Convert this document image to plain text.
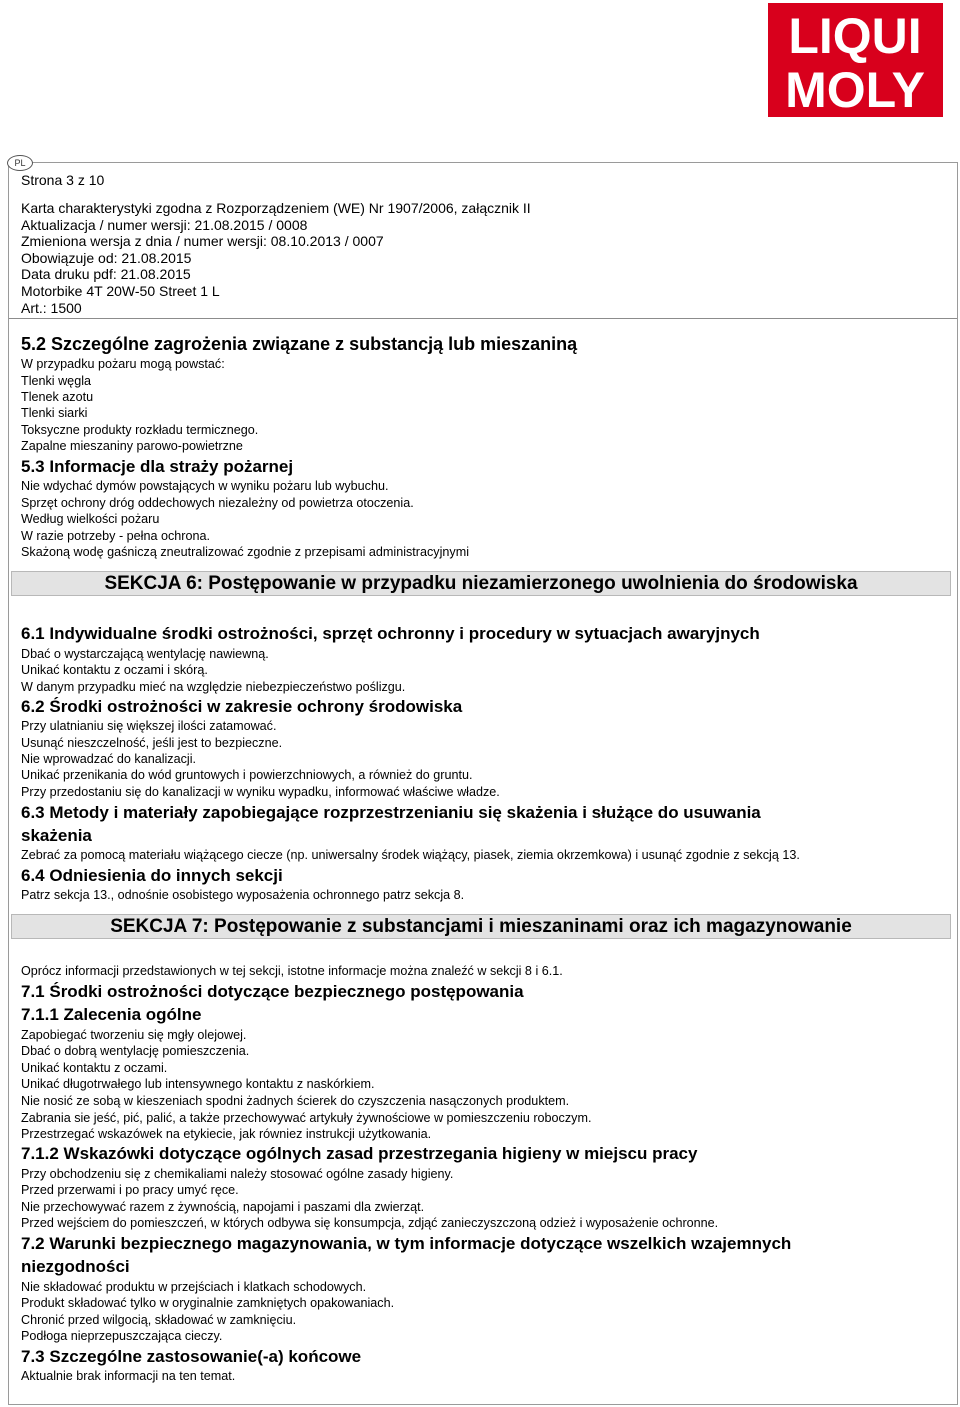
LIQUI
MOLY
PL
Strona 3 z 10
Karta charakterystyki zgodna z Rozporządzeniem (WE) Nr 1907/2006, załącznik II
Aktualizacja / numer wersji: 21.08.2015 / 0008
Zmieniona wersja z dnia / numer wersji: 08.10.2013 / 0007
Obowiązuje od: 21.08.2015
Data druku pdf: 21.08.2015
Motorbike 4T 20W-50 Street 1 L
Art.: 1500
5.2 Szczególne zagrożenia związane z substancją lub mieszaniną
W przypadku pożaru mogą powstać:
Tlenki węgla
Tlenek azotu
Tlenki siarki
Toksyczne produkty rozkładu termicznego.
Zapalne mieszaniny parowo-powietrzne
5.3 Informacje dla straży pożarnej
Nie wdychać dymów powstających w wyniku pożaru lub wybuchu.
Sprzęt ochrony dróg oddechowych niezależny od powietrza otoczenia.
Według wielkości pożaru
W razie potrzeby - pełna ochrona.
Skażoną wodę gaśniczą zneutralizować zgodnie z przepisami administracyjnymi
SEKCJA 6: Postępowanie w przypadku niezamierzonego uwolnienia do środowiska
6.1 Indywidualne środki ostrożności, sprzęt ochronny i procedury w sytuacjach awaryjnych
Dbać o wystarczającą wentylację nawiewną.
Unikać kontaktu z oczami i skórą.
W danym przypadku mieć na względzie niebezpieczeństwo poślizgu.
6.2 Środki ostrożności w zakresie ochrony środowiska
Przy ulatnianiu się większej ilości zatamować.
Usunąć nieszczelność, jeśli jest to bezpieczne.
Nie wprowadzać do kanalizacji.
Unikać przenikania do wód gruntowych i powierzchniowych, a również do gruntu.
Przy przedostaniu się do kanalizacji w wyniku wypadku, informować właściwe władze.
6.3 Metody i materiały zapobiegające rozprzestrzenianiu się skażenia i służące do usuwania
skażenia
Zebrać za pomocą materiału wiążącego ciecze (np. uniwersalny środek wiążący, piasek, ziemia okrzemkowa) i usunąć zgodnie z sekcją 13.
6.4 Odniesienia do innych sekcji
Patrz sekcja 13., odnośnie osobistego wyposażenia ochronnego patrz sekcja 8.
SEKCJA 7: Postępowanie z substancjami i mieszaninami oraz ich magazynowanie
Oprócz informacji przedstawionych w tej sekcji, istotne informacje można znaleźć w sekcji 8 i 6.1.
7.1 Środki ostrożności dotyczące bezpiecznego postępowania
7.1.1 Zalecenia ogólne
Zapobiegać tworzeniu się mgły olejowej.
Dbać o dobrą wentylację pomieszczenia.
Unikać kontaktu z oczami.
Unikać długotrwałego lub intensywnego kontaktu z naskórkiem.
Nie nosić ze sobą w kieszeniach spodni żadnych ścierek do czyszczenia nasączonych produktem.
Zabrania sie jeść, pić, palić, a także przechowywać artykuły żywnościowe w pomieszczeniu roboczym.
Przestrzegać wskazówek na etykiecie, jak równiez instrukcji użytkowania.
7.1.2 Wskazówki dotyczące ogólnych zasad przestrzegania higieny w miejscu pracy
Przy obchodzeniu się z chemikaliami należy stosować ogólne zasady higieny.
Przed przerwami i po pracy umyć ręce.
Nie przechowywać razem z żywnością, napojami i paszami dla zwierząt.
Przed wejściem do pomieszczeń, w których odbywa się konsumpcja, zdjąć zanieczyszczoną odzież i wyposażenie ochronne.
7.2 Warunki bezpiecznego magazynowania, w tym informacje dotyczące wszelkich wzajemnych
niezgodności
Nie składować produktu w przejściach i klatkach schodowych.
Produkt składować tylko w oryginalnie zamkniętych opakowaniach.
Chronić przed wilgocią, składować w zamknięciu.
Podłoga nieprzepuszczająca cieczy.
7.3 Szczególne zastosowanie(-a) końcowe
Aktualnie brak informacji na ten temat.
